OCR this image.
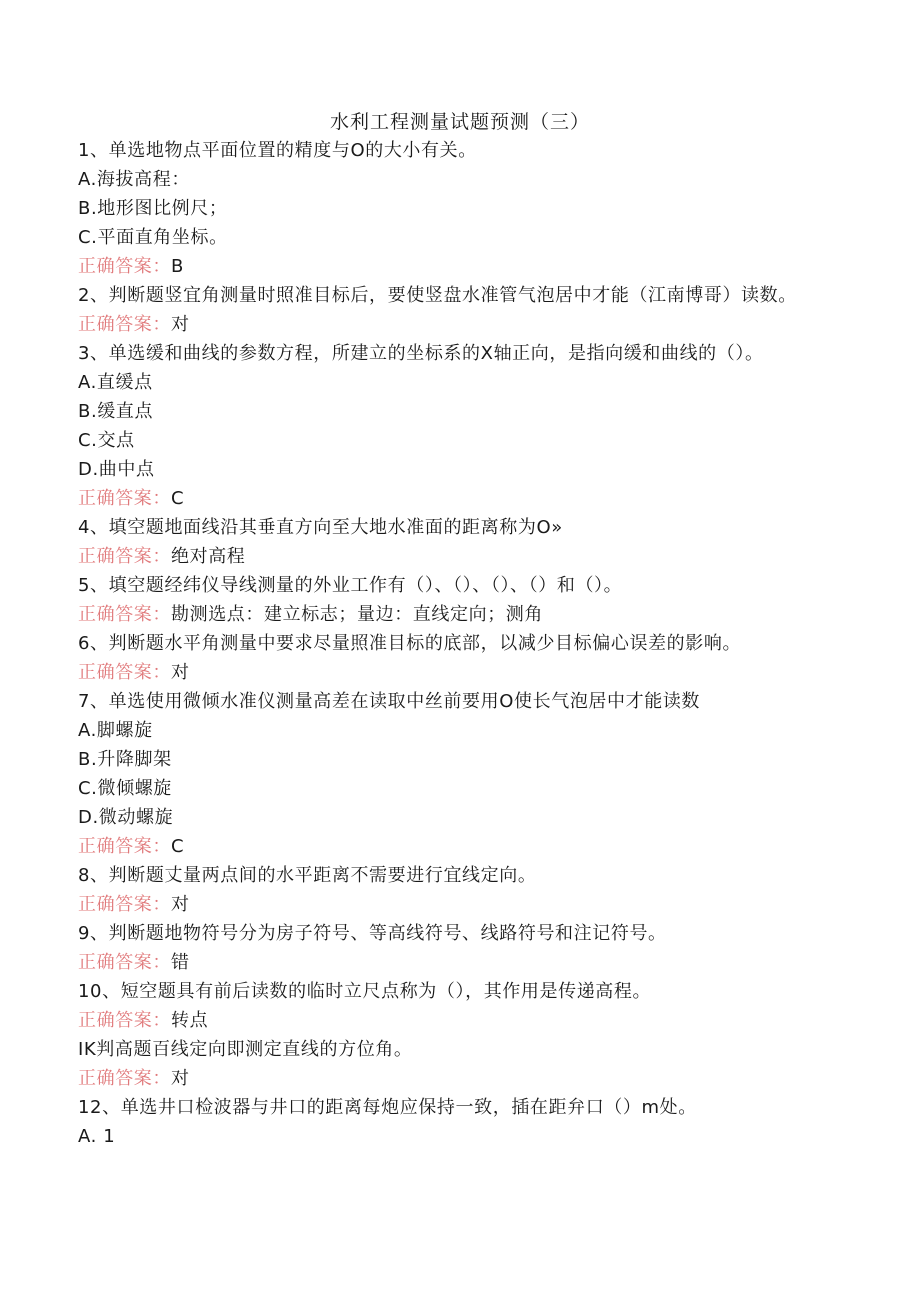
水利工程测量试题预测（三）
1、单选地物点平面位置的精度与O的大小有关。
A.海拔高程：
B.地形图比例尺；
C.平面直角坐标。
正确答案：B
2、判断题竖宜角测量时照准目标后，要使竖盘水准管气泡居中才能（江南博哥）读数。
正确答案：对
3、单选缓和曲线的参数方程，所建立的坐标系的X轴正向，是指向缓和曲线的（）。
A.直缓点
B.缓直点
C.交点
D.曲中点
正确答案：C
4、填空题地面线沿其垂直方向至大地水准面的距离称为O»
正确答案：绝对高程
5、填空题经纬仪导线测量的外业工作有（）、（）、（）、（）和（）。
正确答案：勘测选点：建立标志；量边：直线定向；测角
6、判断题水平角测量中要求尽量照准目标的底部，以减少目标偏心误差的影响。
正确答案：对
7、单选使用微倾水准仪测量高差在读取中丝前要用O使长气泡居中才能读数
A.脚螺旋
B.升降脚架
C.微倾螺旋
D.微动螺旋
正确答案：C
8、判断题丈量两点间的水平距离不需要进行宜线定向。
正确答案：对
9、判断题地物符号分为房子符号、等高线符号、线路符号和注记符号。
正确答案：错
10、短空题具有前后读数的临时立尺点称为（），其作用是传递高程。
正确答案：转点
IK判高题百线定向即测定直线的方位角。
正确答案：对
12、单选井口检波器与井口的距离每炮应保持一致，插在距弁口（）m处。
A. 1
